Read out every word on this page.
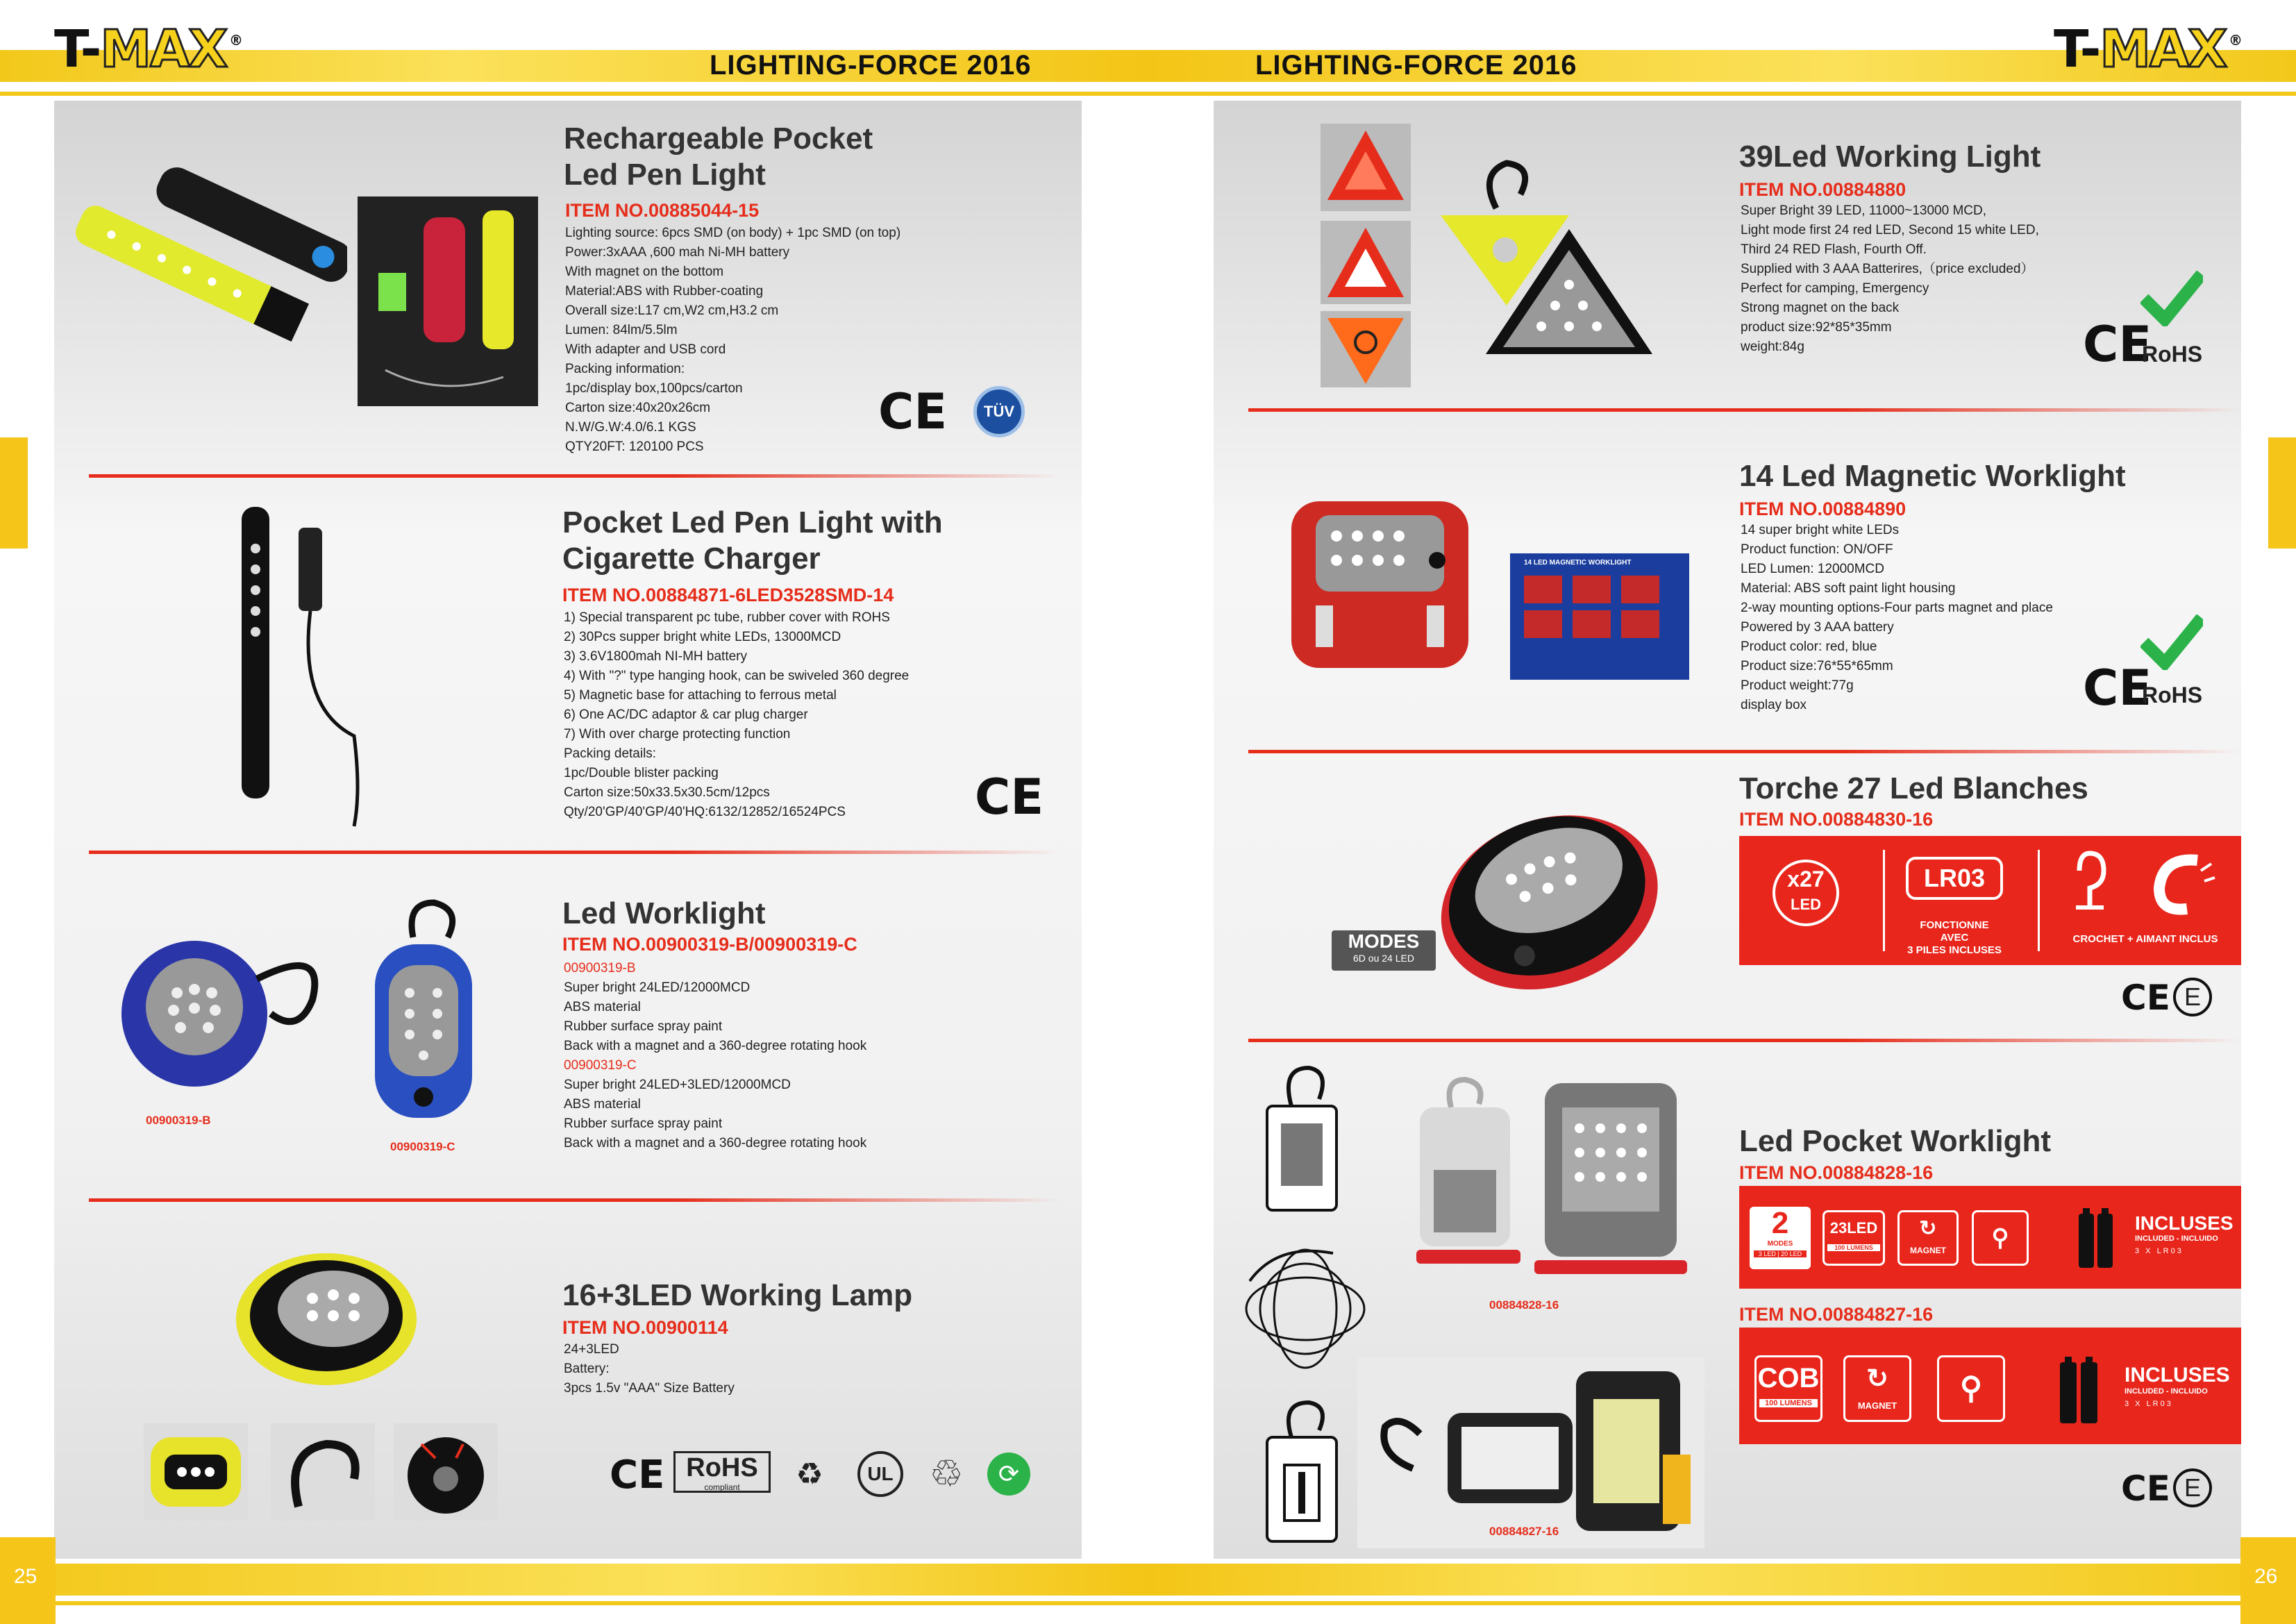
T-MAX ®	T-MAX ®
LIGHTING-FORCE 2016	LIGHTING-FORCE 2016
Rechargeable Pocket
Led Pen Light
ITEM NO.00885044-15
Lighting source: 6pcs SMD (on body) + 1pc SMD (on top)
Power:3xAAA ,600 mah Ni-MH battery
With magnet on the bottom
Material:ABS with Rubber-coating
Overall size:L17 cm,W2 cm,H3.2 cm
Lumen: 84lm/5.5lm
With adapter and USB cord
Packing information:
1pc/display box,100pcs/carton
Carton size:40x20x26cm
N.W/G.W:4.0/6.1 KGS
QTY20FT: 120100 PCS
CE	TÜV
Pocket Led Pen Light with
Cigarette Charger
ITEM NO.00884871-6LED3528SMD-14
1) Special transparent pc tube, rubber cover with ROHS
2) 30Pcs supper bright white LEDs, 13000MCD
3) 3.6V1800mah NI-MH battery
4) With "?" type hanging hook, can be swiveled 360 degree
5) Magnetic base for attaching to ferrous metal
6) One AC/DC adaptor & car plug charger
7) With over charge protecting function
Packing details:
1pc/Double blister packing
Carton size:50x33.5x30.5cm/12pcs
Qty/20'GP/40'GP/40'HQ:6132/12852/16524PCS	CE
00900319-B
00900319-C
Led Worklight
ITEM NO.00900319-B/00900319-C
00900319-B
Super bright 24LED/12000MCD
ABS material
Rubber surface spray paint
Back with a magnet and a 360-degree rotating hook
00900319-C
Super bright 24LED+3LED/12000MCD
ABS material
Rubber surface spray paint
Back with a magnet and a 360-degree rotating hook
16+3LED Working Lamp
ITEM NO.00900114
24+3LED
Battery:
3pcs 1.5v "AAA" Size Battery
CE RoHS
compliant	♻	UL ♲	⟳
39Led Working Light
ITEM NO.00884880
Super Bright 39 LED, 11000~13000 MCD,
Light mode first 24 red LED, Second 15 white LED,
Third 24 RED Flash, Fourth Off.
Supplied with 3 AAA Batterires,（price excluded）
Perfect for camping, Emergency
Strong magnet on the back
product size:92*85*35mm
weight:84g	CE
RoHS
14 LED MAGNETIC WORKLIGHT
14 Led Magnetic Worklight
ITEM NO.00884890
14 super bright white LEDs
Product function: ON/OFF
LED Lumen: 12000MCD
Material: ABS soft paint light housing
2-way mounting options-Four parts magnet and place
Powered by 3 AAA battery
Product color: red, blue
Product size:76*55*65mm
Product weight:77g
display box	CE
RoHS
MODES
6D ou 24 LED
Torche 27 Led Blanches
ITEM NO.00884830-16
x27
LED
LR03
FONCTIONNE AVEC
3 PILES INCLUSES
CROCHET + AIMANT INCLUS
CE E
00884828-16
00884827-16
Led Pocket Worklight
ITEM NO.00884828-16
2
MODES
3 LED | 20 LED
23LED
100 LUMENS
↻
MAGNET	⚲
INCLUSES
INCLUDED - INCLUIDO
3 X LR03
ITEM NO.00884827-16
COB
100 LUMENS
↻
MAGNET
⚲	INCLUSES
INCLUDED - INCLUIDO
3 X LR03
CE E
25	26
